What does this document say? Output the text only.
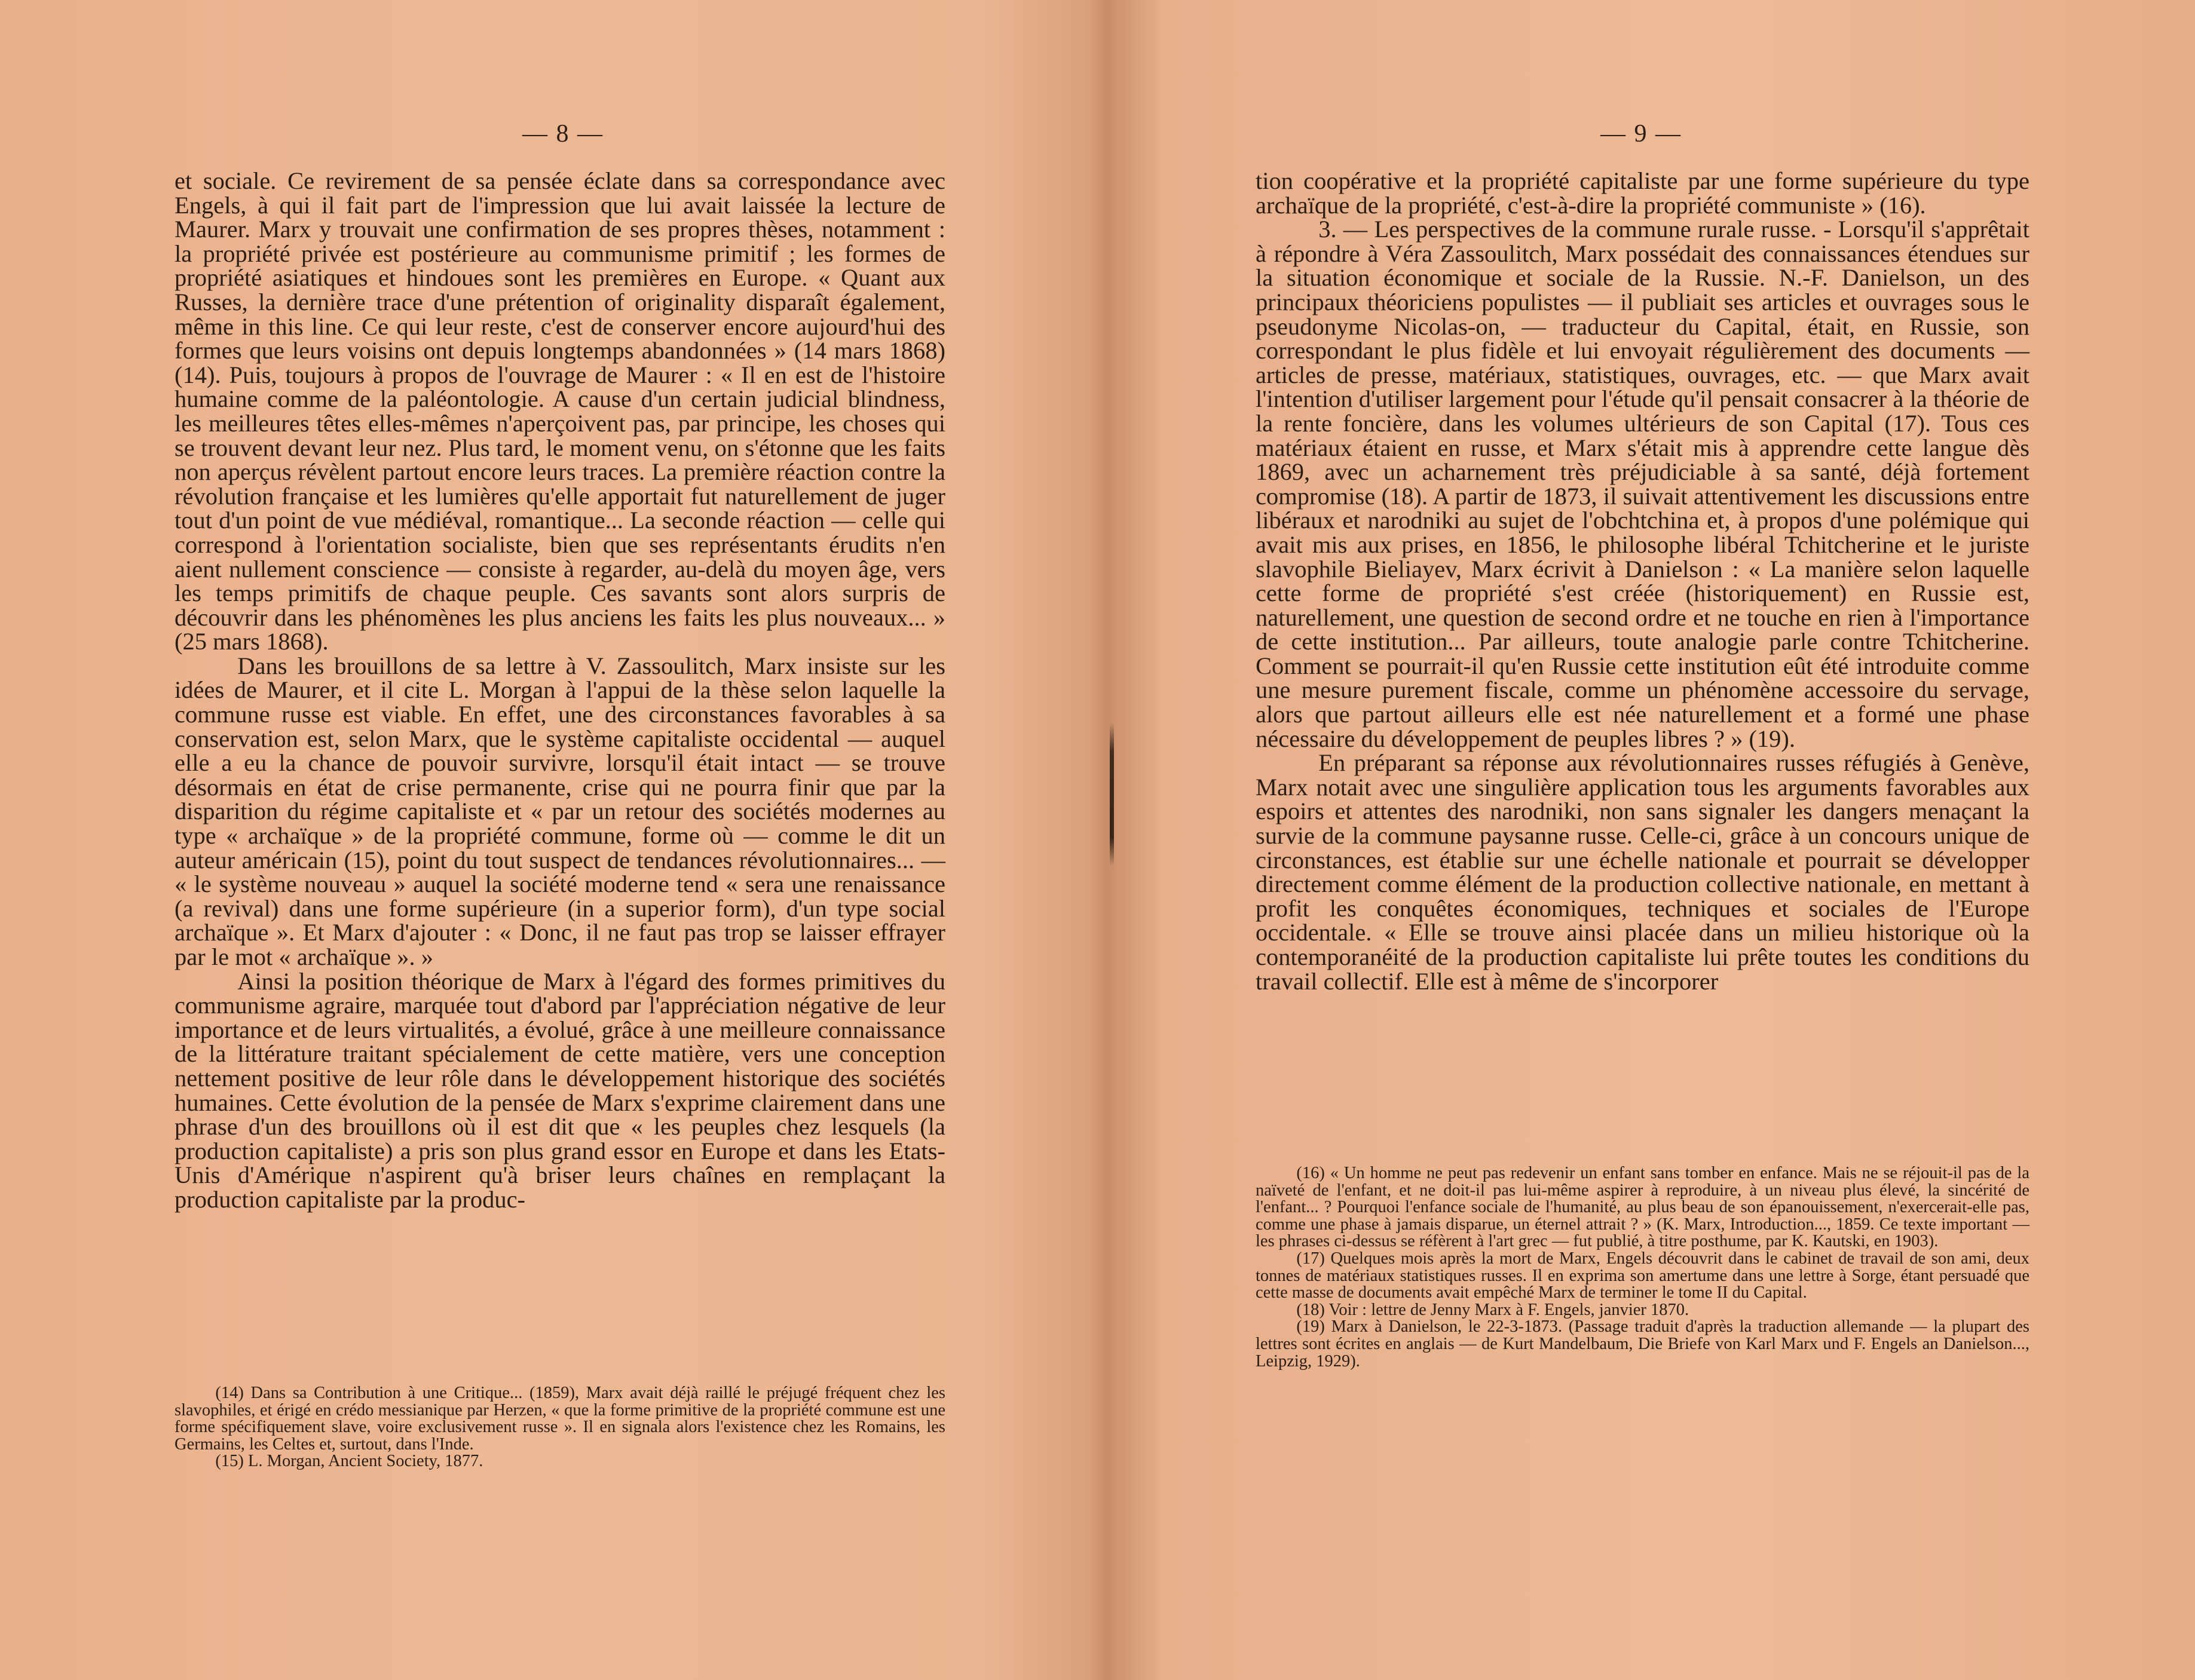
— 8 —

et sociale. Ce revirement de sa pensée éclate dans sa correspondance avec Engels, à qui il fait part de l'impression que lui avait laissée la lecture de Maurer. Marx y trouvait une confirmation de ses propres thèses, notamment : la propriété privée est postérieure au communisme primitif ; les formes de propriété asiatiques et hindoues sont les premières en Europe. « Quant aux Russes, la dernière trace d'une prétention of originality disparaît également, même in this line. Ce qui leur reste, c'est de conserver encore aujourd'hui des formes que leurs voisins ont depuis longtemps abandonnées » (14 mars 1868) (14). Puis, toujours à propos de l'ouvrage de Maurer : « Il en est de l'histoire humaine comme de la paléontologie. A cause d'un certain judicial blindness, les meilleures têtes elles-mêmes n'aperçoivent pas, par principe, les choses qui se trouvent devant leur nez. Plus tard, le moment venu, on s'étonne que les faits non aperçus révèlent partout encore leurs traces. La première réaction contre la révolution française et les lumières qu'elle apportait fut naturellement de juger tout d'un point de vue médiéval, romantique... La seconde réaction — celle qui correspond à l'orientation socialiste, bien que ses représentants érudits n'en aient nullement conscience — consiste à regarder, au-delà du moyen âge, vers les temps primitifs de chaque peuple. Ces savants sont alors surpris de découvrir dans les phénomènes les plus anciens les faits les plus nouveaux... » (25 mars 1868).

Dans les brouillons de sa lettre à V. Zassoulitch, Marx insiste sur les idées de Maurer, et il cite L. Morgan à l'appui de la thèse selon laquelle la commune russe est viable. En effet, une des circonstances favorables à sa conservation est, selon Marx, que le système capitaliste occidental — auquel elle a eu la chance de pouvoir survivre, lorsqu'il était intact — se trouve désormais en état de crise permanente, crise qui ne pourra finir que par la disparition du régime capitaliste et « par un retour des sociétés modernes au type « archaïque » de la propriété commune, forme où — comme le dit un auteur américain (15), point du tout suspect de tendances révolutionnaires... — « le système nouveau » auquel la société moderne tend « sera une renaissance (a revival) dans une forme supérieure (in a superior form), d'un type social archaïque ». Et Marx d'ajouter : « Donc, il ne faut pas trop se laisser effrayer par le mot « archaïque ». »

Ainsi la position théorique de Marx à l'égard des formes primitives du communisme agraire, marquée tout d'abord par l'appréciation négative de leur importance et de leurs virtualités, a évolué, grâce à une meilleure connaissance de la littérature traitant spécialement de cette matière, vers une conception nettement positive de leur rôle dans le développement historique des sociétés humaines. Cette évolution de la pensée de Marx s'exprime clairement dans une phrase d'un des brouillons où il est dit que « les peuples chez lesquels (la production capitaliste) a pris son plus grand essor en Europe et dans les Etats-Unis d'Amérique n'aspirent qu'à briser leurs chaînes en remplaçant la production capitaliste par la produc-

(14) Dans sa Contribution à une Critique... (1859), Marx avait déjà raillé le préjugé fréquent chez les slavophiles, et érigé en crédo messianique par Herzen, « que la forme primitive de la propriété commune est une forme spécifiquement slave, voire exclusivement russe ». Il en signala alors l'existence chez les Romains, les Germains, les Celtes et, surtout, dans l'Inde.

(15) L. Morgan, Ancient Society, 1877.

— 9 —

tion coopérative et la propriété capitaliste par une forme supérieure du type archaïque de la propriété, c'est-à-dire la propriété communiste » (16).

3. — Les perspectives de la commune rurale russe. - Lorsqu'il s'apprêtait à répondre à Véra Zassoulitch, Marx possédait des connaissances étendues sur la situation économique et sociale de la Russie. N.-F. Danielson, un des principaux théoriciens populistes — il publiait ses articles et ouvrages sous le pseudonyme Nicolas-on, — traducteur du Capital, était, en Russie, son correspondant le plus fidèle et lui envoyait régulièrement des documents — articles de presse, matériaux, statistiques, ouvrages, etc. — que Marx avait l'intention d'utiliser largement pour l'étude qu'il pensait consacrer à la théorie de la rente foncière, dans les volumes ultérieurs de son Capital (17). Tous ces matériaux étaient en russe, et Marx s'était mis à apprendre cette langue dès 1869, avec un acharnement très préjudiciable à sa santé, déjà fortement compromise (18). A partir de 1873, il suivait attentivement les discussions entre libéraux et narodniki au sujet de l'obchtchina et, à propos d'une polémique qui avait mis aux prises, en 1856, le philosophe libéral Tchitcherine et le juriste slavophile Bieliayev, Marx écrivit à Danielson : « La manière selon laquelle cette forme de propriété s'est créée (historiquement) en Russie est, naturellement, une question de second ordre et ne touche en rien à l'importance de cette institution... Par ailleurs, toute analogie parle contre Tchitcherine. Comment se pourrait-il qu'en Russie cette institution eût été introduite comme une mesure purement fiscale, comme un phénomène accessoire du servage, alors que partout ailleurs elle est née naturellement et a formé une phase nécessaire du développement de peuples libres ? » (19).

En préparant sa réponse aux révolutionnaires russes réfugiés à Genève, Marx notait avec une singulière application tous les arguments favorables aux espoirs et attentes des narodniki, non sans signaler les dangers menaçant la survie de la commune paysanne russe. Celle-ci, grâce à un concours unique de circonstances, est établie sur une échelle nationale et pourrait se développer directement comme élément de la production collective nationale, en mettant à profit les conquêtes économiques, techniques et sociales de l'Europe occidentale. « Elle se trouve ainsi placée dans un milieu historique où la contemporanéité de la production capitaliste lui prête toutes les conditions du travail collectif. Elle est à même de s'incorporer

(16) « Un homme ne peut pas redevenir un enfant sans tomber en enfance. Mais ne se réjouit-il pas de la naïveté de l'enfant, et ne doit-il pas lui-même aspirer à reproduire, à un niveau plus élevé, la sincérité de l'enfant... ? Pourquoi l'enfance sociale de l'humanité, au plus beau de son épanouissement, n'exercerait-elle pas, comme une phase à jamais disparue, un éternel attrait ? » (K. Marx, Introduction..., 1859. Ce texte important — les phrases ci-dessus se réfèrent à l'art grec — fut publié, à titre posthume, par K. Kautski, en 1903).

(17) Quelques mois après la mort de Marx, Engels découvrit dans le cabinet de travail de son ami, deux tonnes de matériaux statistiques russes. Il en exprima son amertume dans une lettre à Sorge, étant persuadé que cette masse de documents avait empêché Marx de terminer le tome II du Capital.

(18) Voir : lettre de Jenny Marx à F. Engels, janvier 1870.

(19) Marx à Danielson, le 22-3-1873. (Passage traduit d'après la traduction allemande — la plupart des lettres sont écrites en anglais — de Kurt Mandelbaum, Die Briefe von Karl Marx und F. Engels an Danielson..., Leipzig, 1929).
